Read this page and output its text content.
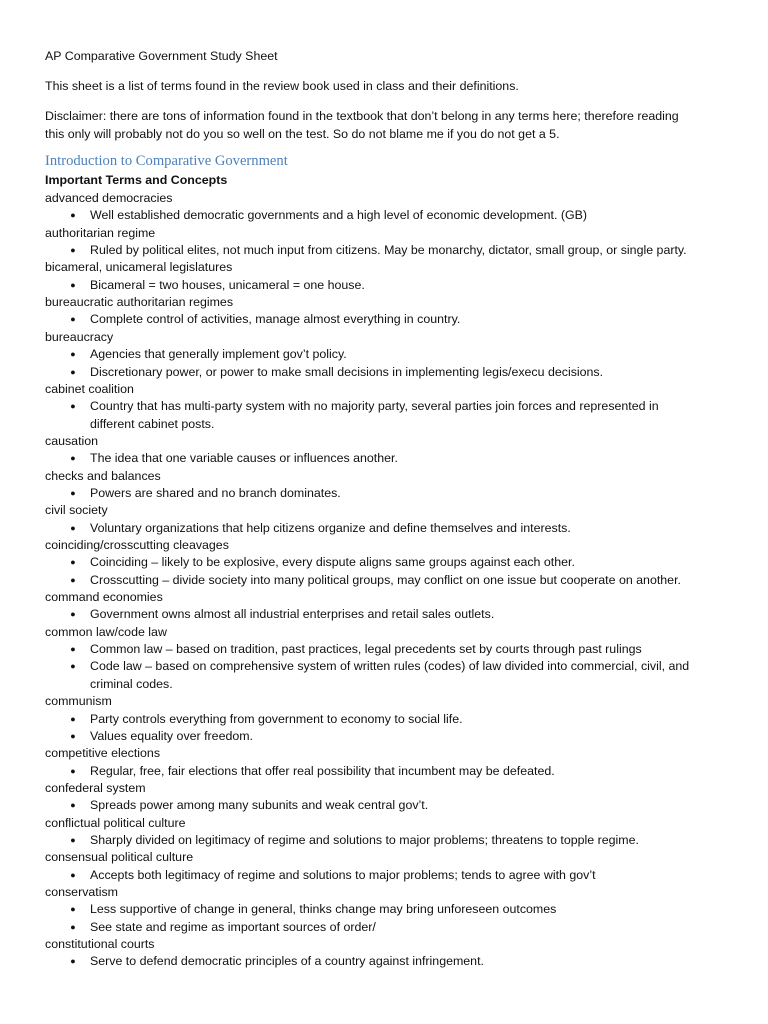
AP Comparative Government Study Sheet
This sheet is a list of terms found in the review book used in class and their definitions.
Disclaimer: there are tons of information found in the textbook that don’t belong in any terms here; therefore reading
this only will probably not do you so well on the test. So do not blame me if you do not get a 5.
Introduction to Comparative Government
Important Terms and Concepts
advanced democracies
● Well established democratic governments and a high level of economic development. (GB)
authoritarian regime
● Ruled by political elites, not much input from citizens. May be monarchy, dictator, small group, or single party.
bicameral, unicameral legislatures
● Bicameral = two houses, unicameral = one house.
bureaucratic authoritarian regimes
● Complete control of activities, manage almost everything in country.
bureaucracy
● Agencies that generally implement gov’t policy.
● Discretionary power, or power to make small decisions in implementing legis/execu decisions.
cabinet coalition
● Country that has multi-party system with no majority party, several parties join forces and represented in
different cabinet posts.
causation
● The idea that one variable causes or influences another.
checks and balances
● Powers are shared and no branch dominates.
civil society
● Voluntary organizations that help citizens organize and define themselves and interests.
coinciding/crosscutting cleavages
● Coinciding – likely to be explosive, every dispute aligns same groups against each other.
● Crosscutting – divide society into many political groups, may conflict on one issue but cooperate on another.
command economies
● Government owns almost all industrial enterprises and retail sales outlets.
common law/code law
● Common law – based on tradition, past practices, legal precedents set by courts through past rulings
● Code law – based on comprehensive system of written rules (codes) of law divided into commercial, civil, and
criminal codes.
communism
● Party controls everything from government to economy to social life.
● Values equality over freedom.
competitive elections
● Regular, free, fair elections that offer real possibility that incumbent may be defeated.
confederal system
● Spreads power among many subunits and weak central gov’t.
conflictual political culture
● Sharply divided on legitimacy of regime and solutions to major problems; threatens to topple regime.
consensual political culture
● Accepts both legitimacy of regime and solutions to major problems; tends to agree with gov’t
conservatism
● Less supportive of change in general, thinks change may bring unforeseen outcomes
● See state and regime as important sources of order/
constitutional courts
● Serve to defend democratic principles of a country against infringement.
